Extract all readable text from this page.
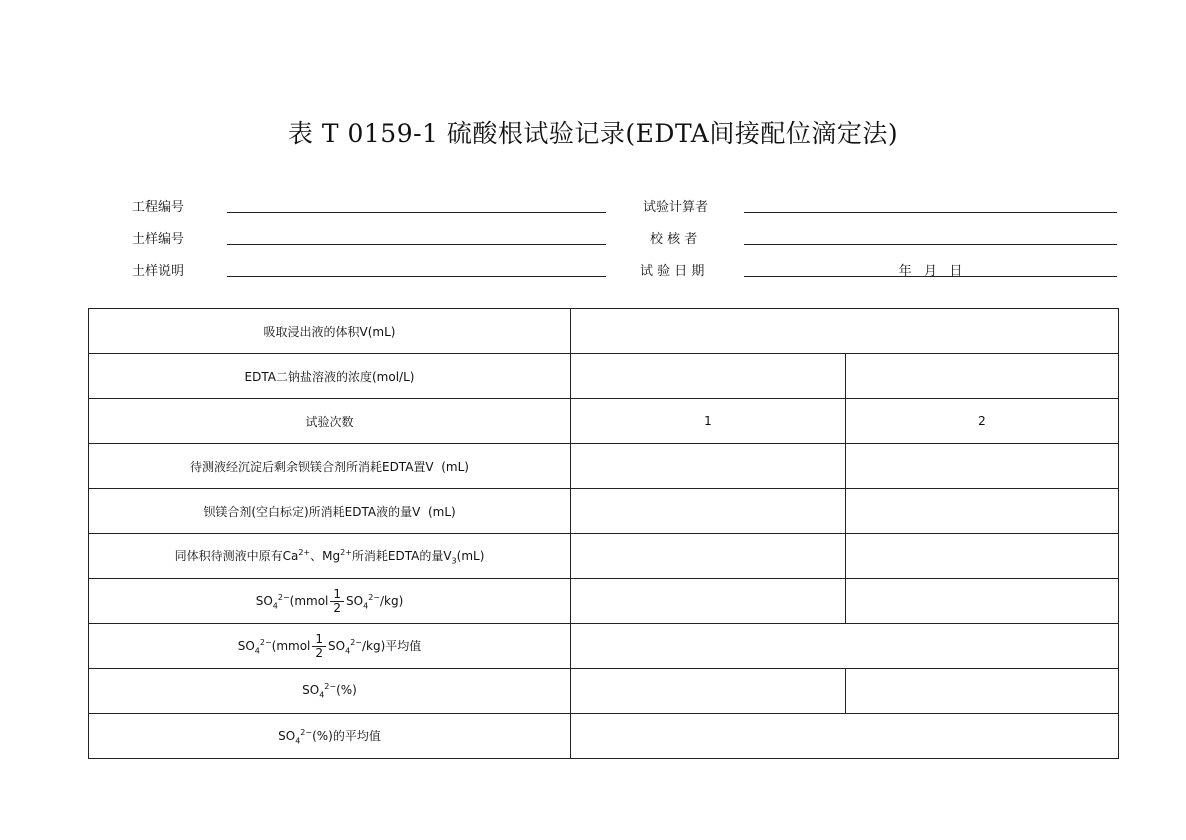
表 T 0159-1 硫酸根试验记录(EDTA间接配位滴定法)
工程编号
土样编号
土样说明
试验计算者
校 核 者
试 验 日 期	年   月   日
吸取浸出液的体积V(mL)		
EDTA二钠盐溶液的浓度(mol/L)		
试验次数	1	2
待测液经沉淀后剩余钡镁合剂所消耗EDTA置V  (mL)		
钡镁合剂(空白标定)所消耗EDTA液的量V  (mL)		
同体积待测液中原有$Ca^{2+}$、$Mg^{2+}$所消耗EDTA的量$V_3(mL)$		
$SO_4^{2-}(mmol \frac{1}{2} SO_4^{2-}/kg)$		
$SO_4^{2-}(mmol \frac{1}{2} SO_4^{2-}/kg)$平均值		
$SO_4^{2-}(\%)$		
$SO_4^{2-}(\%)$的平均值		
